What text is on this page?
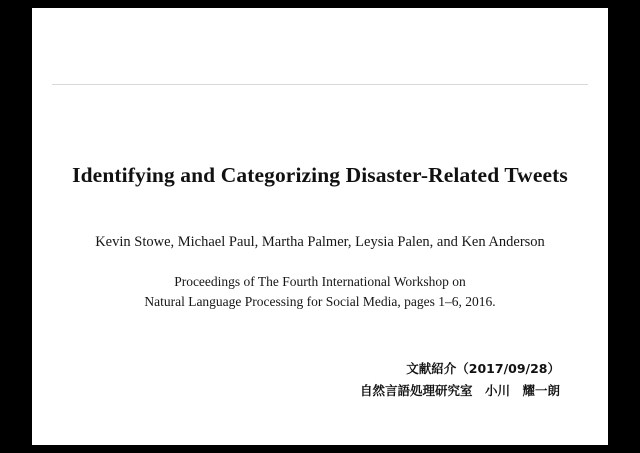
Identifying and Categorizing Disaster-Related Tweets
Kevin Stowe, Michael Paul, Martha Palmer, Leysia Palen, and Ken Anderson
Proceedings of The Fourth International Workshop on
Natural Language Processing for Social Media, pages 1–6, 2016.
文献紹介（2017/09/28）
自然言語処理研究室　小川　耀一朗
